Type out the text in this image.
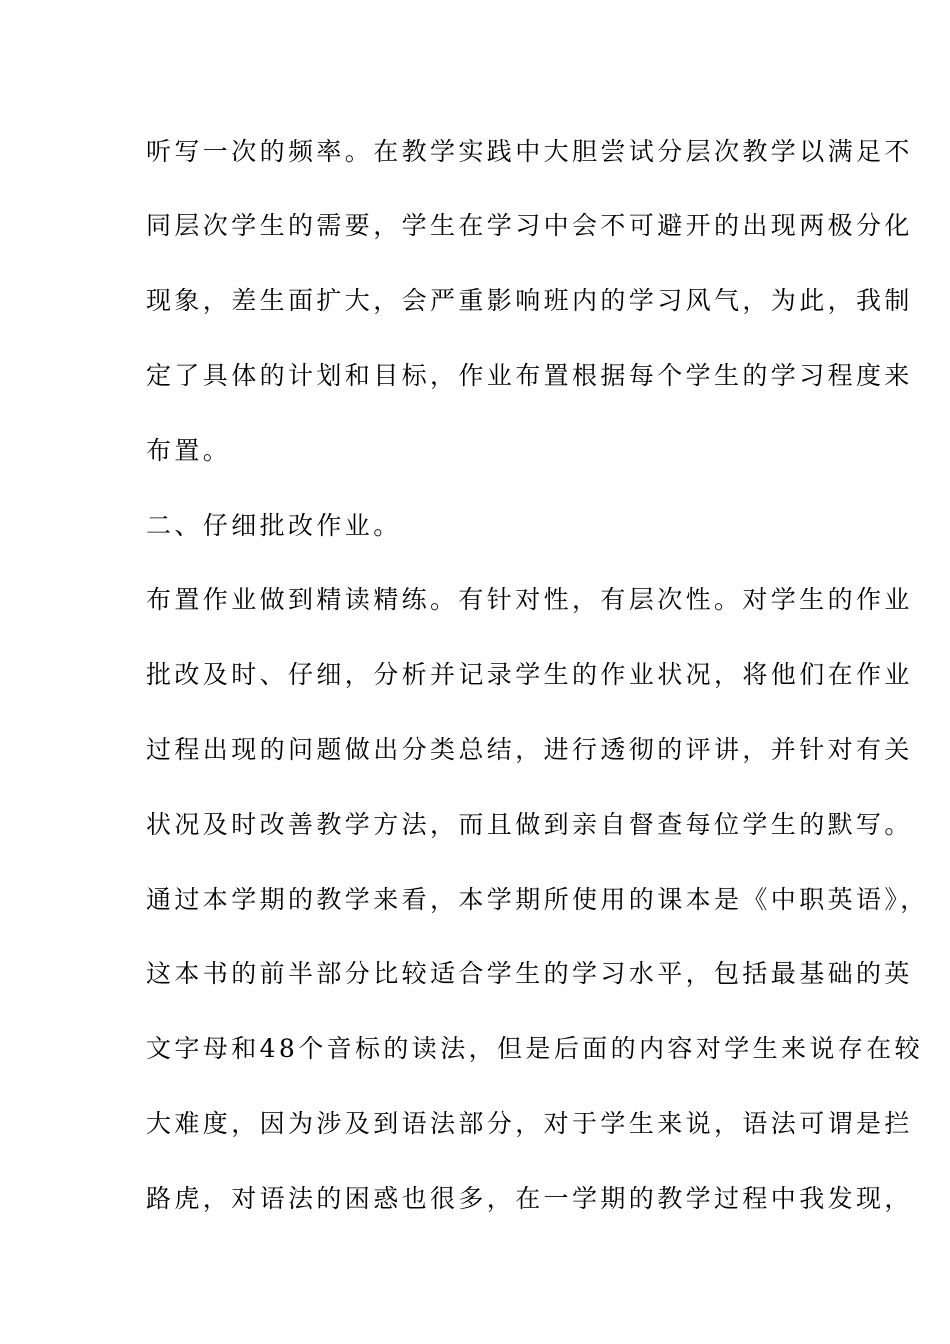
听写一次的频率。在教学实践中大胆尝试分层次教学以满足不
同层次学生的需要，学生在学习中会不可避开的出现两极分化
现象，差生面扩大，会严重影响班内的学习风气，为此，我制
定了具体的计划和目标，作业布置根据每个学生的学习程度来
布置。
二、仔细批改作业。
布置作业做到精读精练。有针对性，有层次性。对学生的作业
批改及时、仔细，分析并记录学生的作业状况，将他们在作业
过程出现的问题做出分类总结，进行透彻的评讲，并针对有关
状况及时改善教学方法，而且做到亲自督查每位学生的默写。
通过本学期的教学来看，本学期所使用的课本是《中职英语》，
这本书的前半部分比较适合学生的学习水平，包括最基础的英
文字母和48个音标的读法，但是后面的内容对学生来说存在较
大难度，因为涉及到语法部分，对于学生来说，语法可谓是拦
路虎，对语法的困惑也很多，在一学期的教学过程中我发现，
